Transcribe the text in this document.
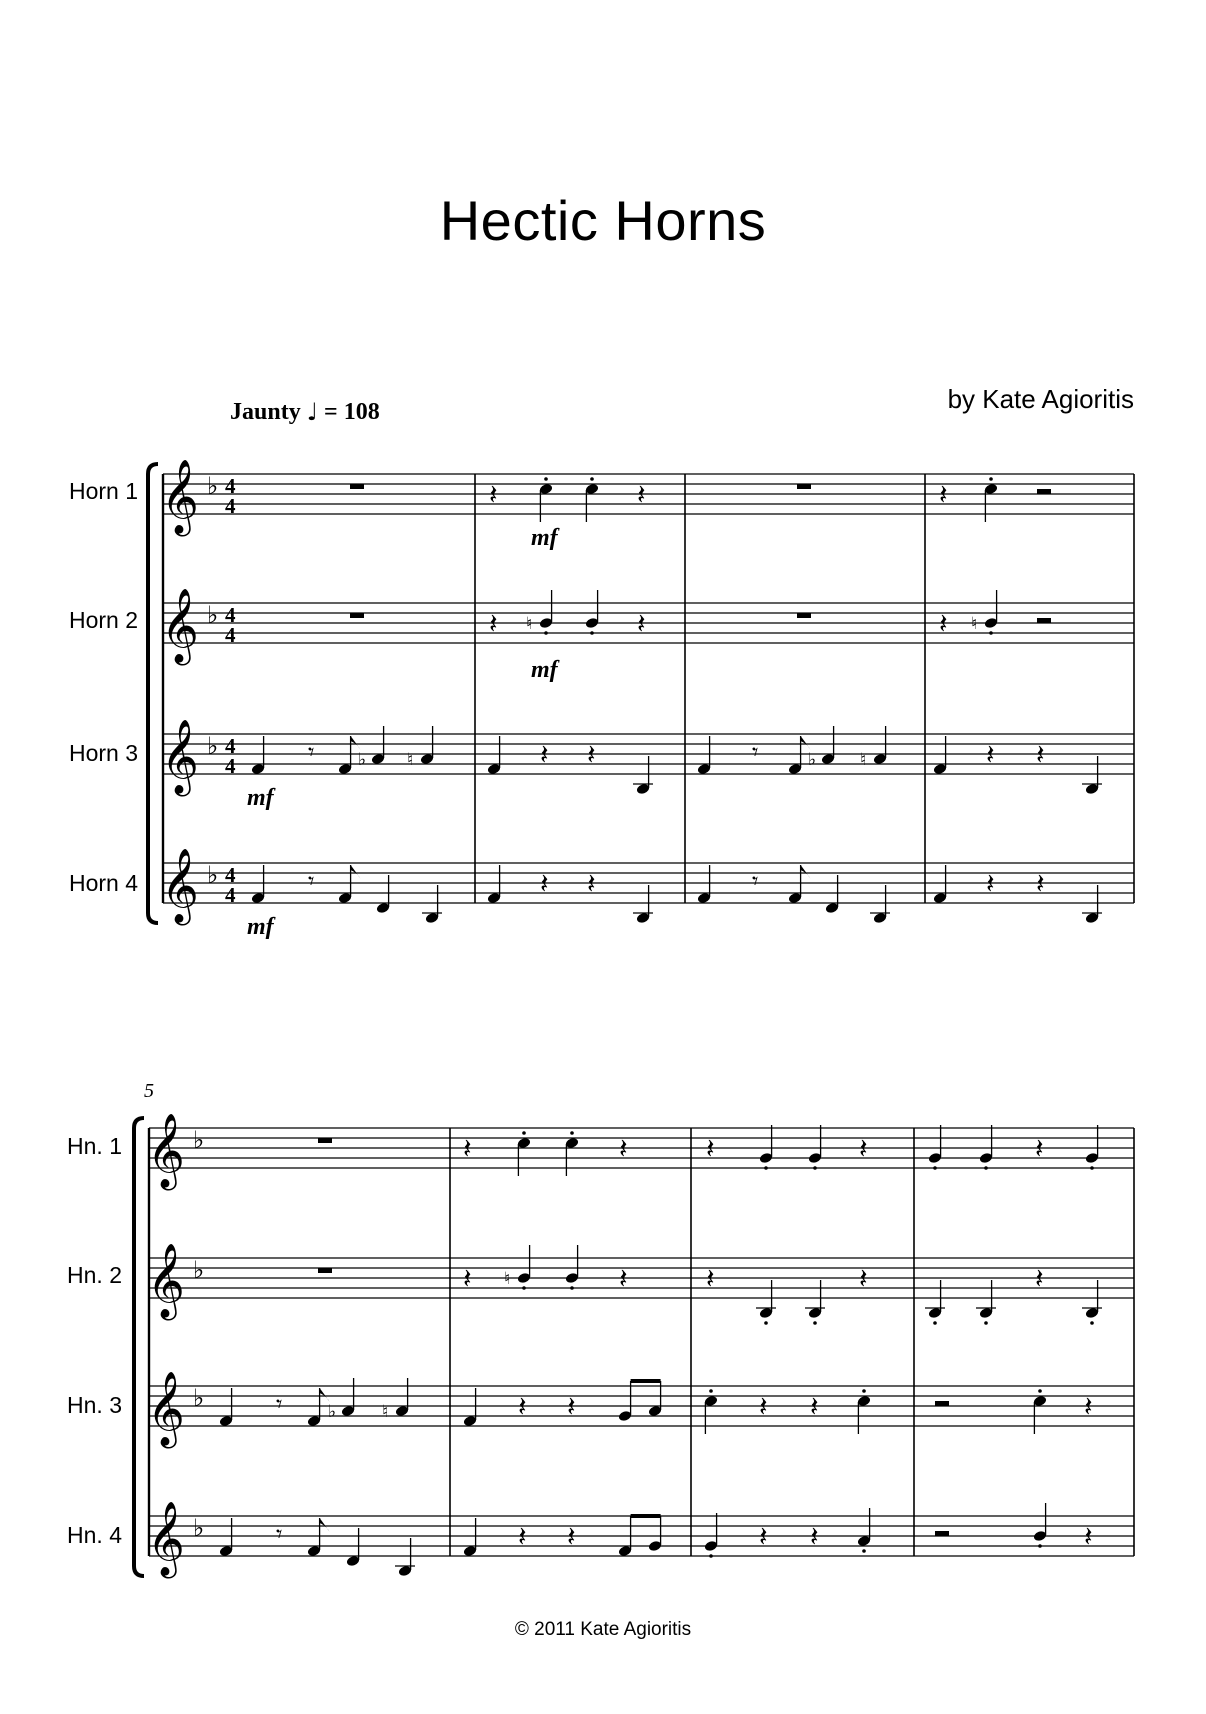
Hectic Horns
by Kate Agioritis
Jaunty ♩ = 108
Horn 1
Horn 2
Horn 3
Horn 4
5
Hn. 1
Hn. 2
Hn. 3
Hn. 4
mf
mf
mf
mf
© 2011 Kate Agioritis
𝄞 ♭ 4
4
𝄞 ♭ 4
4
𝄞 ♭ 4
4
𝄞 ♭ 4
4
𝄽	𝄽	𝄽
𝄽 ♮	𝄽	𝄽 ♮
𝄾	♭ ♮	𝄽 𝄽	𝄾	♭	♮	𝄽 𝄽
𝄾	𝄽 𝄽	𝄾	𝄽 𝄽
𝄞 ♭
𝄞 ♭
𝄞 ♭
𝄞 ♭
𝄽	𝄽	𝄽	𝄽	𝄽
𝄽 ♮	𝄽	𝄽	𝄽	𝄽
𝄾	♭	♮	𝄽 𝄽	𝄽 𝄽	𝄽
𝄾	𝄽 𝄽	𝄽 𝄽	𝄽
